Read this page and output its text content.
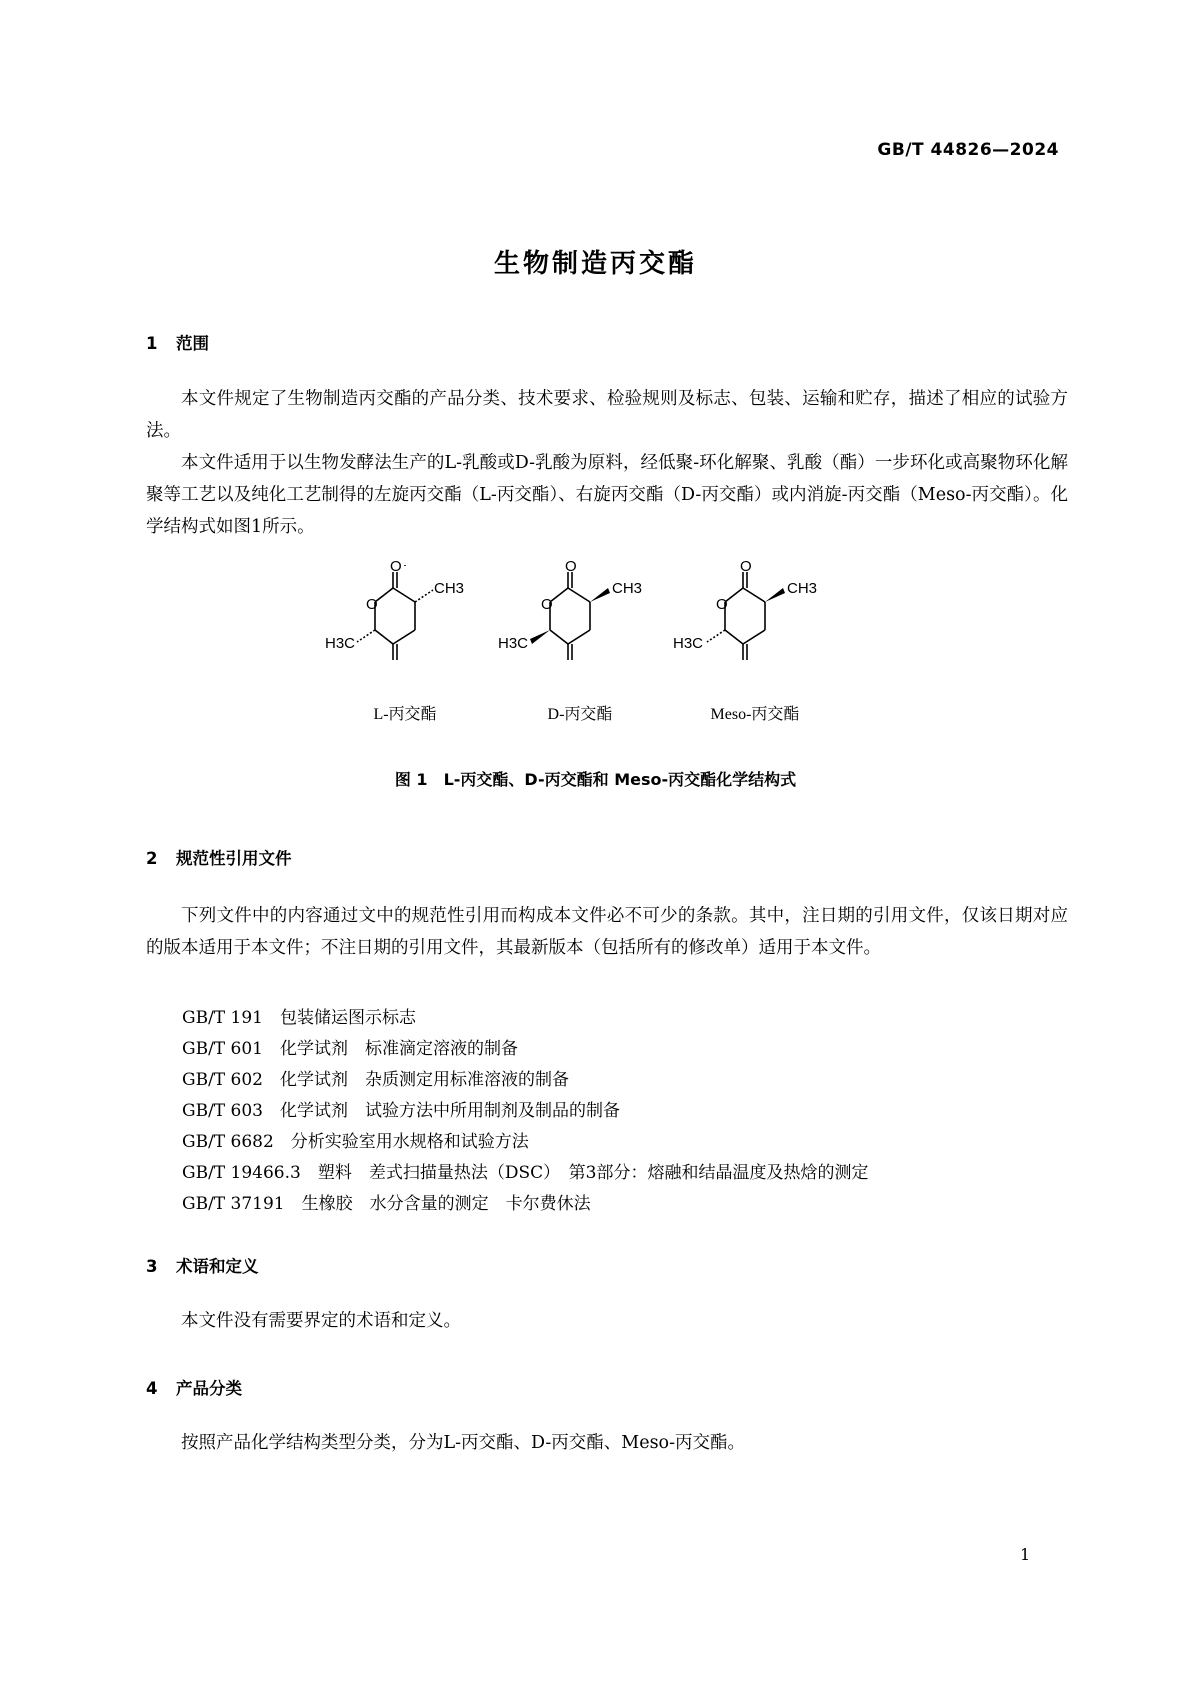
GB/T 44826—2024
生物制造丙交酯
1 范围

本文件规定了生物制造丙交酯的产品分类、技术要求、检验规则及标志、包装、运输和贮存，描述了相应的试验方法。

本文件适用于以生物发酵法生产的L-乳酸或D-乳酸为原料，经低聚-环化解聚、乳酸（酯）一步环化或高聚物环化解聚等工艺以及纯化工艺制得的左旋丙交酯（L-丙交酯）、右旋丙交酯（D-丙交酯）或内消旋-丙交酯（Meso-丙交酯）。化学结构式如图1所示。

O
O
CH3
H3C
O
O
CH3
H3C
O
O
CH3
H3C
L-丙交酯	D-丙交酯	Meso-丙交酯
图 1　L-丙交酯、D-丙交酯和 Meso-丙交酯化学结构式
2 规范性引用文件

下列文件中的内容通过文中的规范性引用而构成本文件必不可少的条款。其中，注日期的引用文件，仅该日期对应的版本适用于本文件；不注日期的引用文件，其最新版本（包括所有的修改单）适用于本文件。

GB/T 191　包装储运图示标志
GB/T 601　化学试剂　标准滴定溶液的制备
GB/T 602　化学试剂　杂质测定用标准溶液的制备
GB/T 603　化学试剂　试验方法中所用制剂及制品的制备
GB/T 6682　分析实验室用水规格和试验方法
GB/T 19466.3　塑料　差式扫描量热法（DSC）　第3部分：熔融和结晶温度及热焓的测定
GB/T 37191　生橡胶　水分含量的测定　卡尔费休法
3 术语和定义

本文件没有需要界定的术语和定义。

4 产品分类

按照产品化学结构类型分类，分为L-丙交酯、D-丙交酯、Meso-丙交酯。

1
